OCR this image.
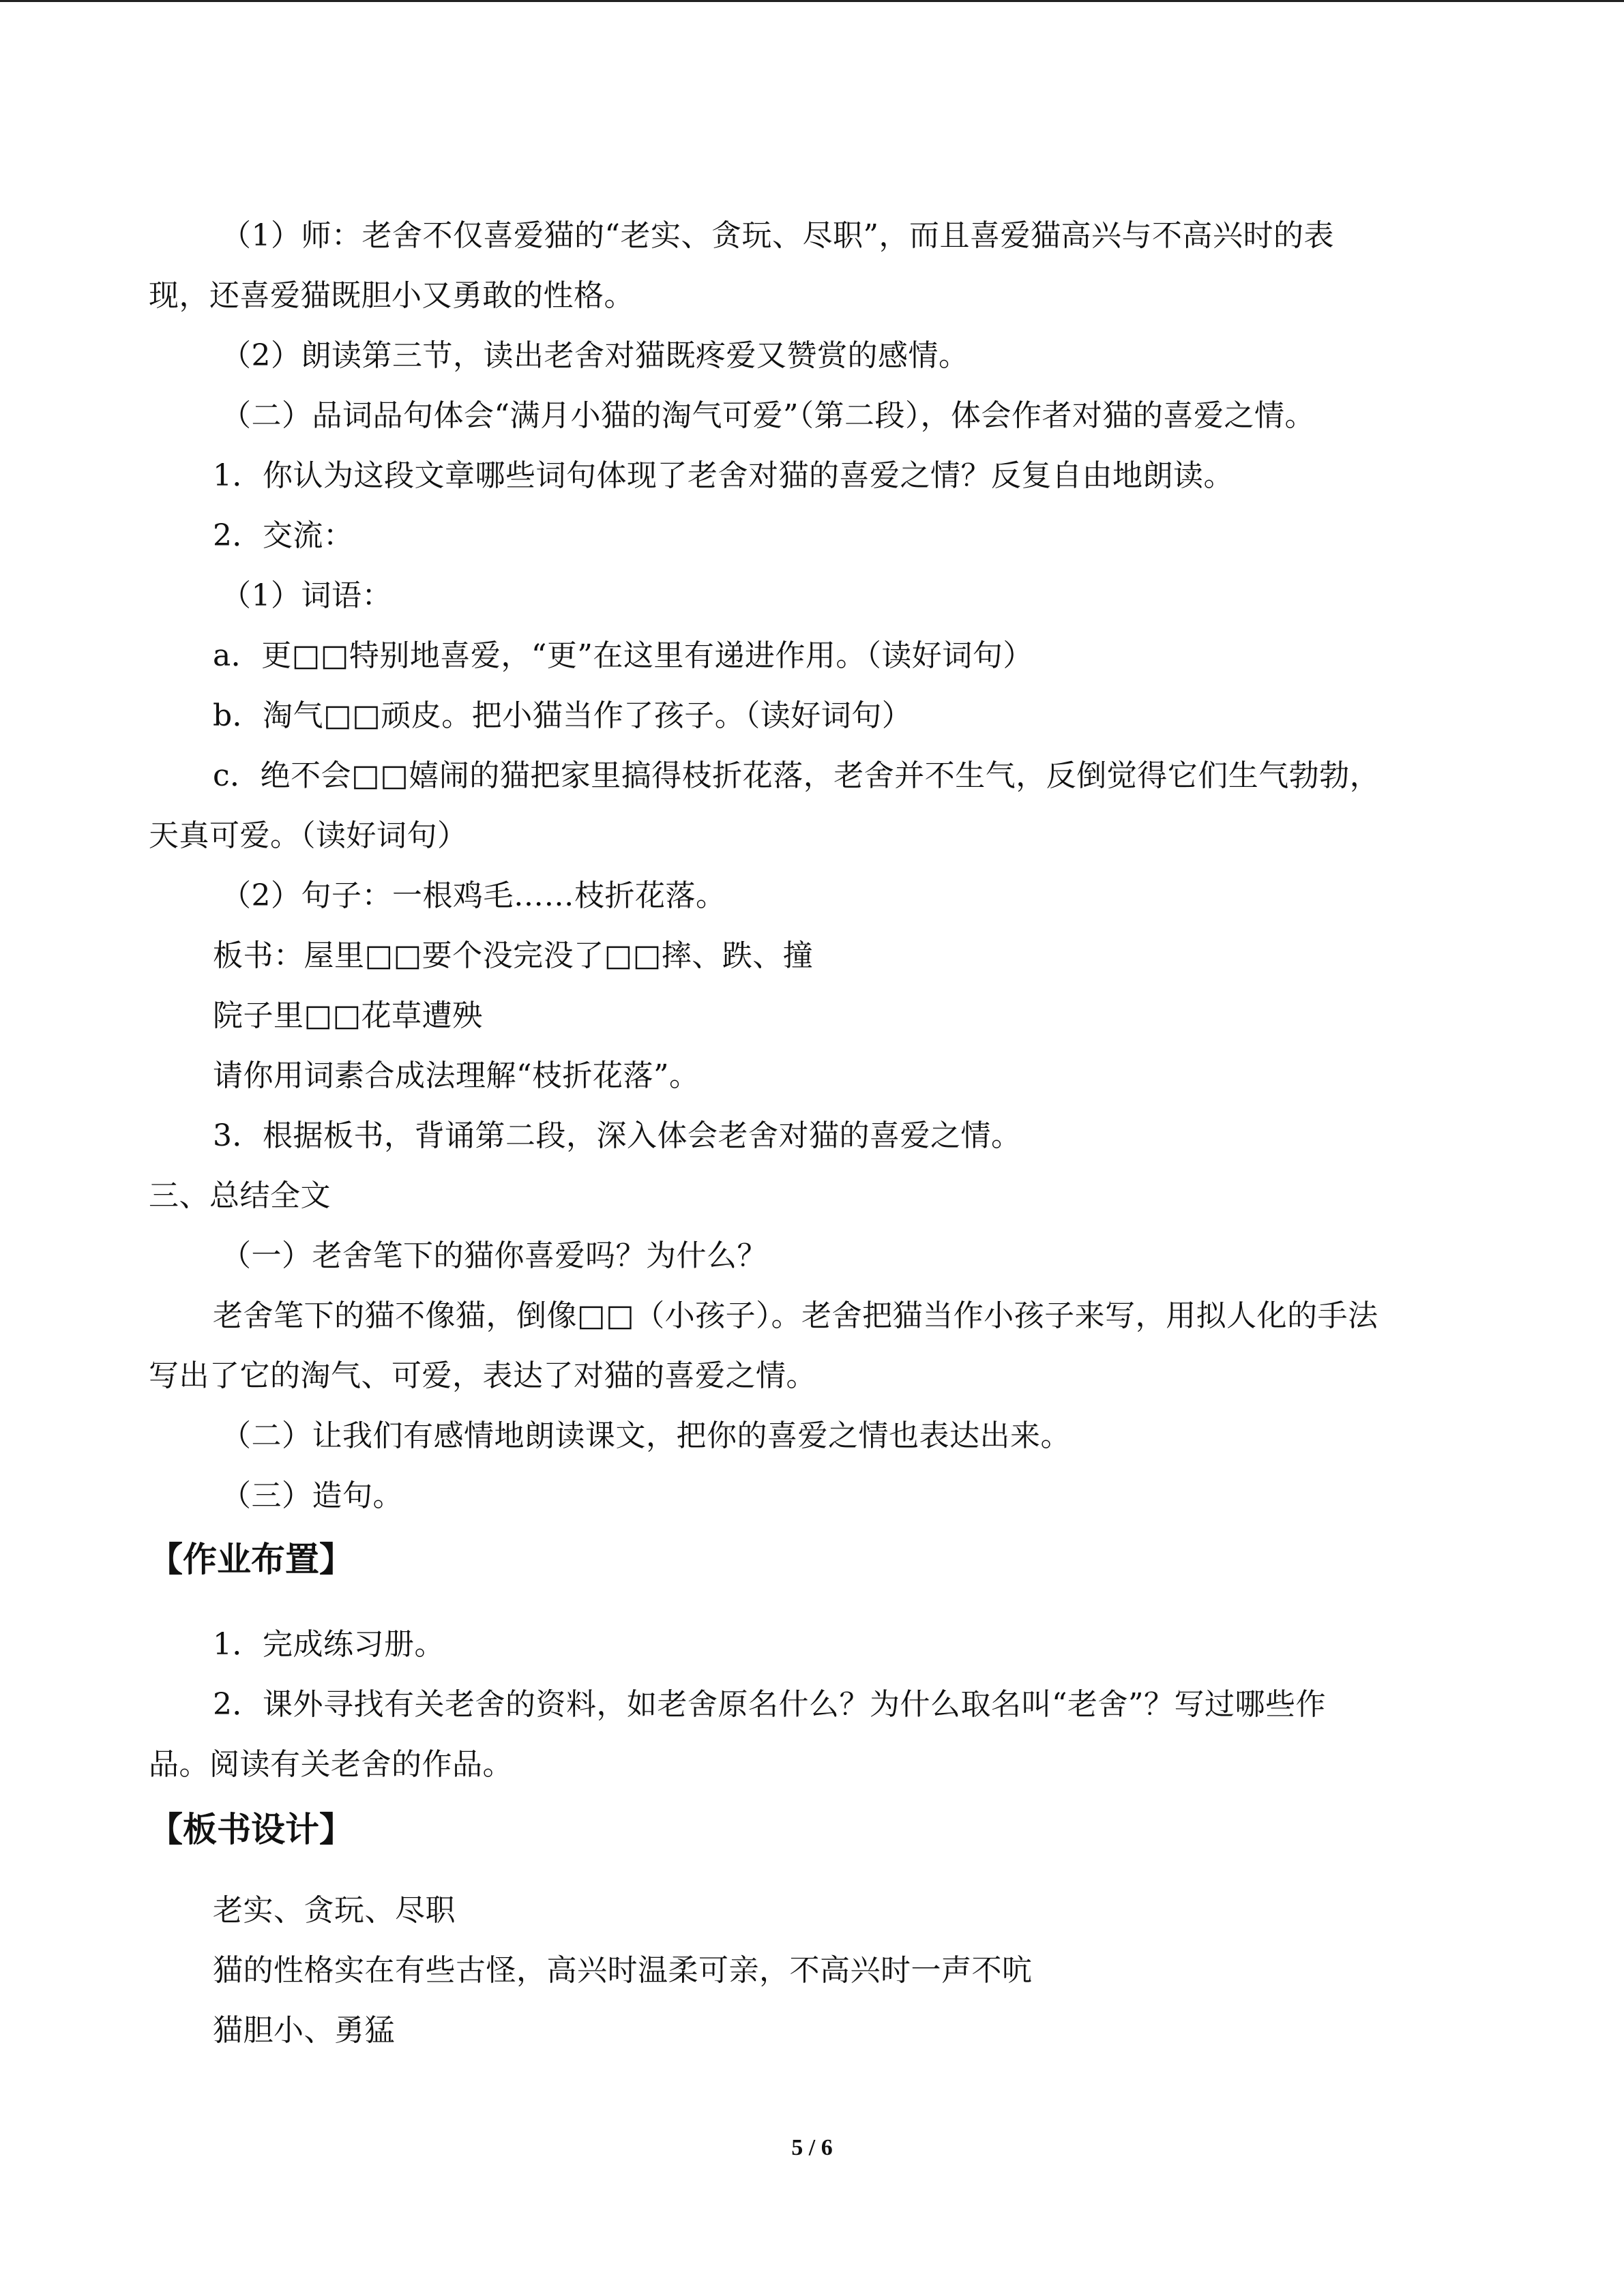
（1）师：老舍不仅喜爱猫的“老实、贪玩、尽职”，而且喜爱猫高兴与不高兴时的表
现，还喜爱猫既胆小又勇敢的性格。
（2）朗读第三节，读出老舍对猫既疼爱又赞赏的感情。
（二）品词品句体会“满月小猫的淘气可爱”（第二段），体会作者对猫的喜爱之情。
1．你认为这段文章哪些词句体现了老舍对猫的喜爱之情？反复自由地朗读。
2．交流：
（1）词语：
a．更□□特别地喜爱，“更”在这里有递进作用。（读好词句）
b．淘气□□顽皮。把小猫当作了孩子。（读好词句）
c．绝不会□□嬉闹的猫把家里搞得枝折花落，老舍并不生气，反倒觉得它们生气勃勃，
天真可爱。（读好词句）
（2）句子：一根鸡毛……枝折花落。
板书：屋里□□要个没完没了□□摔、跌、撞
院子里□□花草遭殃
请你用词素合成法理解“枝折花落”。
3．根据板书，背诵第二段，深入体会老舍对猫的喜爱之情。
三、总结全文
（一）老舍笔下的猫你喜爱吗？为什么？
老舍笔下的猫不像猫，倒像□□（小孩子）。老舍把猫当作小孩子来写，用拟人化的手法
写出了它的淘气、可爱，表达了对猫的喜爱之情。
（二）让我们有感情地朗读课文，把你的喜爱之情也表达出来。
（三）造句。
【作业布置】
1．完成练习册。
2．课外寻找有关老舍的资料，如老舍原名什么？为什么取名叫“老舍”？写过哪些作
品。阅读有关老舍的作品。
【板书设计】
老实、贪玩、尽职
猫的性格实在有些古怪，高兴时温柔可亲，不高兴时一声不吭
猫胆小、勇猛
5 / 6
